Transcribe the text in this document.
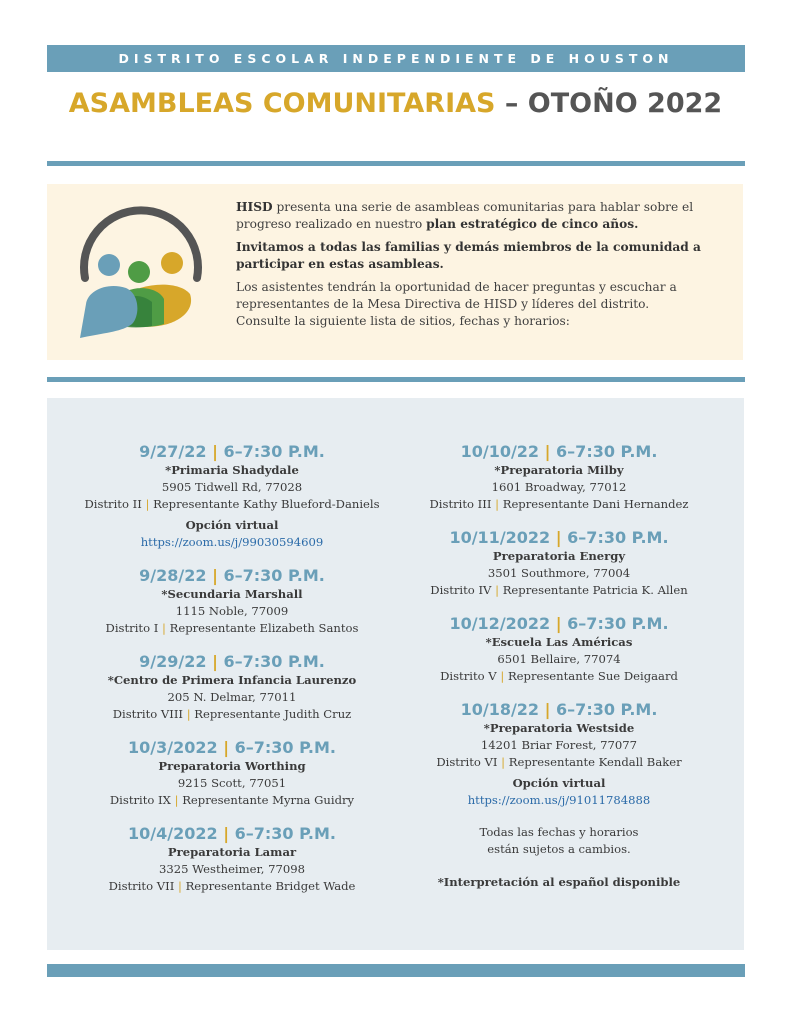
DISTRITO ESCOLAR INDEPENDIENTE DE HOUSTON
ASAMBLEAS COMUNITARIAS – OTOÑO 2022

HISD presenta una serie de asambleas comunitarias para hablar sobre el progreso realizado en nuestro plan estratégico de cinco años.

Invitamos a todas las familias y demás miembros de la comunidad a participar en estas asambleas.

Los asistentes tendrán la oportunidad de hacer preguntas y escuchar a representantes de la Mesa Directiva de HISD y líderes del distrito. Consulte la siguiente lista de sitios, fechas y horarios:

9/27/22 | 6–7:30 P.M.
*Primaria Shadydale
5905 Tidwell Rd, 77028
Distrito II | Representante Kathy Blueford-Daniels
Opción virtual
https://zoom.us/j/99030594609
9/28/22 | 6–7:30 P.M.
*Secundaria Marshall
1115 Noble, 77009
Distrito I | Representante Elizabeth Santos
9/29/22 | 6–7:30 P.M.
*Centro de Primera Infancia Laurenzo
205 N. Delmar, 77011
Distrito VIII | Representante Judith Cruz
10/3/2022 | 6–7:30 P.M.
Preparatoria Worthing
9215 Scott, 77051
Distrito IX | Representante Myrna Guidry
10/4/2022 | 6–7:30 P.M.
Preparatoria Lamar
3325 Westheimer, 77098
Distrito VII | Representante Bridget Wade
10/10/22 | 6–7:30 P.M.
*Preparatoria Milby
1601 Broadway, 77012
Distrito III | Representante Dani Hernandez
10/11/2022 | 6–7:30 P.M.
Preparatoria Energy
3501 Southmore, 77004
Distrito IV | Representante Patricia K. Allen
10/12/2022 | 6–7:30 P.M.
*Escuela Las Américas
6501 Bellaire, 77074
Distrito V | Representante Sue Deigaard
10/18/22 | 6–7:30 P.M.
*Preparatoria Westside
14201 Briar Forest, 77077
Distrito VI | Representante Kendall Baker
Opción virtual
https://zoom.us/j/91011784888
Todas las fechas y horarios
están sujetos a cambios.
*Interpretación al español disponible
